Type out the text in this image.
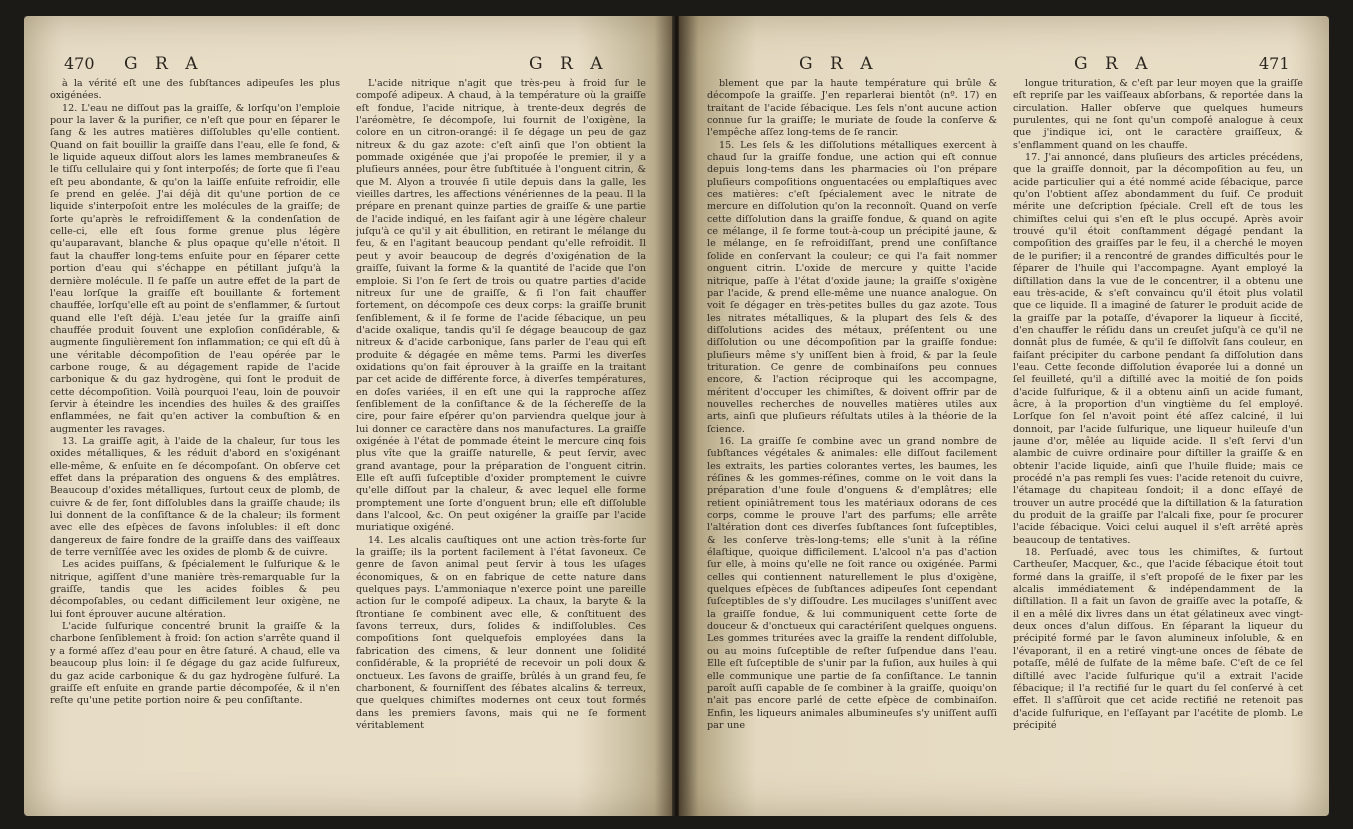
470 G R A	G R A

à la vérité eſt une des ſubſtances adipeuſes les plus oxigénées.

12. L'eau ne diſſout pas la graiſſe, & lorſqu'on l'emploie pour la laver & la purifier, ce n'eſt que pour en ſéparer le ſang & les autres matières diſſolubles qu'elle contient. Quand on fait bouillir la graiſſe dans l'eau, elle ſe fond, & le liquide aqueux diſſout alors les lames membraneuſes & le tiſſu cellulaire qui y ſont interpoſés; de ſorte que ſi l'eau eſt peu abondante, & qu'on la laiſſe enſuite refroidir, elle ſe prend en gelée. J'ai déjà dit qu'une portion de ce liquide s'interpoſoit entre les molécules de la graiſſe; de ſorte qu'après le refroidiſſement & la condenſation de celle-ci, elle eſt ſous forme grenue plus légère qu'auparavant, blanche & plus opaque qu'elle n'étoit. Il faut la chauffer long-tems enſuite pour en ſéparer cette portion d'eau qui s'échappe en pétillant juſqu'à la dernière molécule. Il ſe paſſe un autre effet de la part de l'eau lorſque la graiſſe eſt bouillante & fortement chauffée, lorſqu'elle eſt au point de s'enflammer, & ſurtout quand elle l'eſt déjà. L'eau jetée ſur la graiſſe ainſi chauffée produit ſouvent une exploſion conſidérable, & augmente ſingulièrement ſon inflammation; ce qui eſt dû à une véritable décompoſition de l'eau opérée par le carbone rouge, & au dégagement rapide de l'acide carbonique & du gaz hydrogène, qui ſont le produit de cette décompoſition. Voilà pourquoi l'eau, loin de pouvoir ſervir à éteindre les incendies des huiles & des graiſſes enflammées, ne fait qu'en activer la combuſtion & en augmenter les ravages.

13. La graiſſe agit, à l'aide de la chaleur, ſur tous les oxides métalliques, & les réduit d'abord en s'oxigénant elle-même, & enſuite en ſe décompoſant. On obſerve cet effet dans la préparation des onguens & des emplâtres. Beaucoup d'oxides métalliques, ſurtout ceux de plomb, de cuivre & de fer, ſont diſſolubles dans la graiſſe chaude; ils lui donnent de la conſiſtance & de la chaleur; ils forment avec elle des eſpèces de ſavons inſolubles: il eſt donc dangereux de faire fondre de la graiſſe dans des vaiſſeaux de terre vernîſſée avec les oxides de plomb & de cuivre.

Les acides puiſſans, & ſpécialement le ſulfurique & le nitrique, agiſſent d'une manière très-remarquable ſur la graiſſe, tandis que les acides foibles & peu décompoſables, ou cedant difficilement leur oxigène, ne lui font éprouver aucune altération.

L'acide ſulfurique concentré brunit la graiſſe & la charbone ſenſiblement à froid: ſon action s'arrête quand il y a formé aſſez d'eau pour en être ſaturé. A chaud, elle va beaucoup plus loin: il ſe dégage du gaz acide ſulfureux, du gaz acide carbonique & du gaz hydrogène ſulfuré. La graiſſe eſt enſuite en grande partie décompoſée, & il n'en reſte qu'une petite portion noire & peu conſiſtante.

L'acide nitrique n'agit que très-peu à froid ſur le compoſé adipeux. A chaud, à la température où la graiſſe eſt fondue, l'acide nitrique, à trente-deux degrés de l'aréomètre, ſe décompoſe, lui fournit de l'oxigène, la colore en un citron-orangé: il ſe dégage un peu de gaz nitreux & du gaz azote: c'eſt ainſi que l'on obtient la pommade oxigénée que j'ai propoſée le premier, il y a pluſieurs années, pour être ſubſtituée à l'onguent citrin, & que M. Alyon a trouvée ſi utile depuis dans la galle, les vieilles dartres, les affections vénériennes de la peau. Il la prépare en prenant quinze parties de graiſſe & une partie de l'acide indiqué, en les faiſant agir à une légère chaleur juſqu'à ce qu'il y ait ébullition, en retirant le mélange du feu, & en l'agitant beaucoup pendant qu'elle refroidit. Il peut y avoir beaucoup de degrés d'oxigénation de la graiſſe, ſuivant la forme & la quantité de l'acide que l'on emploie. Si l'on ſe ſert de trois ou quatre parties d'acide nitreux ſur une de graiſſe, & ſi l'on fait chauffer fortement, on décompoſe ces deux corps: la graiſſe brunit ſenſiblement, & il ſe forme de l'acide ſébacique, un peu d'acide oxalique, tandis qu'il ſe dégage beaucoup de gaz nitreux & d'acide carbonique, ſans parler de l'eau qui eſt produite & dégagée en même tems. Parmi les diverſes oxidations qu'on fait éprouver à la graiſſe en la traitant par cet acide de différente force, à diverſes températures, en doſes variées, il en eſt une qui la rapproche aſſez ſenſiblement de la conſiſtance & de la ſéchereſſe de la cire, pour faire eſpérer qu'on parviendra quelque jour à lui donner ce caractère dans nos manufactures. La graiſſe oxigénée à l'état de pommade éteint le mercure cinq fois plus vîte que la graiſſe naturelle, & peut ſervir, avec grand avantage, pour la préparation de l'onguent citrin. Elle eſt auſſi ſuſceptible d'oxider promptement le cuivre qu'elle diſſout par la chaleur, & avec lequel elle forme promptement une ſorte d'onguent brun; elle eſt diſſoluble dans l'alcool, &c. On peut oxigéner la graiſſe par l'acide muriatique oxigéné.

14. Les alcalis cauſtiques ont une action très-forte ſur la graiſſe; ils la portent facilement à l'état ſavoneux. Ce genre de ſavon animal peut ſervir à tous les uſages économiques, & on en fabrique de cette nature dans quelques pays. L'ammoniaque n'exerce point une pareille action ſur le compoſé adipeux. La chaux, la baryte & la ſtrontiane ſe combinent avec elle, & conſtituent des ſavons terreux, durs, ſolides & indiſſolubles. Ces compoſitions ſont quelquefois employées dans la fabrication des cimens, & leur donnent une ſolidité conſidérable, & la propriété de recevoir un poli doux & onctueux. Les ſavons de graiſſe, brûlés à un grand feu, ſe charbonent, & fourniſſent des ſébates alcalins & terreux, que quelques chimiſtes modernes ont ceux tout formés dans les premiers ſavons, mais qui ne ſe forment véritablement

G R A	G R A	471

blement que par la haute température qui brûle & décompoſe la graiſſe. J'en reparlerai bientôt (nº. 17) en traitant de l'acide ſébacique. Les ſels n'ont aucune action connue ſur la graiſſe; le muriate de ſoude la conſerve & l'empêche aſſez long-tems de ſe rancir.

15. Les ſels & les diſſolutions métalliques exercent à chaud ſur la graiſſe fondue, une action qui eſt connue depuis long-tems dans les pharmacies où l'on prépare pluſieurs compoſitions onguentacées ou emplaſtiques avec ces matières: c'eſt ſpécialement avec le nitrate de mercure en diſſolution qu'on la reconnoît. Quand on verſe cette diſſolution dans la graiſſe fondue, & quand on agite ce mélange, il ſe forme tout-à-coup un précipité jaune, & le mélange, en ſe refroidiſſant, prend une conſiſtance ſolide en conſervant la couleur; ce qui l'a fait nommer onguent citrin. L'oxide de mercure y quitte l'acide nitrique, paſſe à l'état d'oxide jaune; la graiſſe s'oxigène par l'acide, & prend elle-même une nuance analogue. On voit ſe dégager en très-petites bulles du gaz azote. Tous les nitrates métalliques, & la plupart des ſels & des diſſolutions acides des métaux, préſentent ou une diſſolution ou une décompoſition par la graiſſe fondue: pluſieurs même s'y uniſſent bien à froid, & par la ſeule trituration. Ce genre de combinaiſons peu connues encore, & l'action réciproque qui les accompagne, méritent d'occuper les chimiſtes, & doivent offrir par de nouvelles recherches de nouvelles matières utiles aux arts, ainſi que pluſieurs réſultats utiles à la théorie de la ſcience.

16. La graiſſe ſe combine avec un grand nombre de ſubſtances végétales & animales: elle diſſout facilement les extraits, les parties colorantes vertes, les baumes, les réſines & les gommes-réſines, comme on le voit dans la préparation d'une foule d'onguens & d'emplâtres; elle retient opiniâtrement tous les matériaux odorans de ces corps, comme le prouve l'art des parfums; elle arrête l'altération dont ces diverſes ſubſtances ſont ſuſceptibles, & les conſerve très-long-tems; elle s'unit à la réſine élaſtique, quoique difficilement. L'alcool n'a pas d'action ſur elle, à moins qu'elle ne ſoit rance ou oxigénée. Parmi celles qui contiennent naturellement le plus d'oxigène, quelques eſpèces de ſubſtances adipeuſes ſont cependant ſuſceptibles de s'y diſſoudre. Les mucilages s'uniſſent avec la graiſſe fondue, & lui communiquent cette ſorte de douceur & d'onctueux qui caractériſent quelques onguens. Les gommes triturées avec la graiſſe la rendent diſſoluble, ou au moins ſuſceptible de reſter ſuſpendue dans l'eau. Elle eſt ſuſceptible de s'unir par la fuſion, aux huiles à qui elle communique une partie de ſa conſiſtance. Le tannin paroît auſſi capable de ſe combiner à la graiſſe, quoiqu'on n'ait pas encore parlé de cette eſpèce de combinaiſon. Enfin, les liqueurs animales albumineuſes s'y uniſſent auſſi par une

longue trituration, & c'eſt par leur moyen que la graiſſe eſt repriſe par les vaiſſeaux abſorbans, & reportée dans la circulation. Haller obſerve que quelques humeurs purulentes, qui ne ſont qu'un compoſé analogue à ceux que j'indique ici, ont le caractère graiſſeux, & s'enflamment quand on les chauffe.

17. J'ai annoncé, dans pluſieurs des articles précédens, que la graiſſe donnoit, par la décompoſition au feu, un acide particulier qui a été nommé acide ſébacique, parce qu'on l'obtient aſſez abondamment du ſuif. Ce produit mérite une deſcription ſpéciale. Crell eſt de tous les chimiſtes celui qui s'en eſt le plus occupé. Après avoir trouvé qu'il étoit conſtamment dégagé pendant la compoſition des graiſſes par le feu, il a cherché le moyen de le purifier; il a rencontré de grandes difficultés pour le ſéparer de l'huile qui l'accompagne. Ayant employé la diſtillation dans la vue de le concentrer, il a obtenu une eau très-acide, & s'eſt convaincu qu'il étoit plus volatil que ce liquide. Il a imaginé de ſaturer le produit acide de la graiſſe par la potaſſe, d'évaporer la liqueur à ſiccité, d'en chauffer le réſidu dans un creuſet juſqu'à ce qu'il ne donnât plus de fumée, & qu'il ſe diſſolvît ſans couleur, en faiſant précipiter du carbone pendant ſa diſſolution dans l'eau. Cette ſeconde diſſolution évaporée lui a donné un ſel feuilleté, qu'il a diſtillé avec la moitié de ſon poids d'acide ſulfurique, & il a obtenu ainſi un acide fumant, âcre, à la proportion d'un vingtième du ſel employé. Lorſque ſon ſel n'avoit point été aſſez calciné, il lui donnoit, par l'acide ſulfurique, une liqueur huileuſe d'un jaune d'or, mêlée au liquide acide. Il s'eſt ſervi d'un alambic de cuivre ordinaire pour diſtiller la graiſſe & en obtenir l'acide liquide, ainſi que l'huile fluide; mais ce procédé n'a pas rempli ſes vues: l'acide retenoit du cuivre, l'étamage du chapiteau ſondoit; il a donc eſſayé de trouver un autre procédé que la diſtillation & la ſaturation du produit de la graiſſe par l'alcali fixe, pour ſe procurer l'acide ſébacique. Voici celui auquel il s'eſt arrêté après beaucoup de tentatives.

18. Perſuadé, avec tous les chimiſtes, & ſurtout Cartheuſer, Macquer, &c., que l'acide ſébacique étoit tout formé dans la graiſſe, il s'eſt propoſé de le fixer par les alcalis immédiatement & indépendamment de la diſtillation. Il a fait un ſavon de graiſſe avec la potaſſe, & il en a mêlé dix livres dans un état gélatineux avec vingt-deux onces d'alun diſſous. En ſéparant la liqueur du précipité formé par le ſavon alumineux inſoluble, & en l'évaporant, il en a retiré vingt-une onces de ſébate de potaſſe, mêlé de ſulfate de la même baſe. C'eſt de ce ſel diſtillé avec l'acide ſulfurique qu'il a extrait l'acide ſébacique; il l'a rectifié ſur le quart du ſel conſervé à cet effet. Il s'aſſûroit que cet acide rectifié ne retenoit pas d'acide ſulfurique, en l'eſſayant par l'acétite de plomb. Le précipité
